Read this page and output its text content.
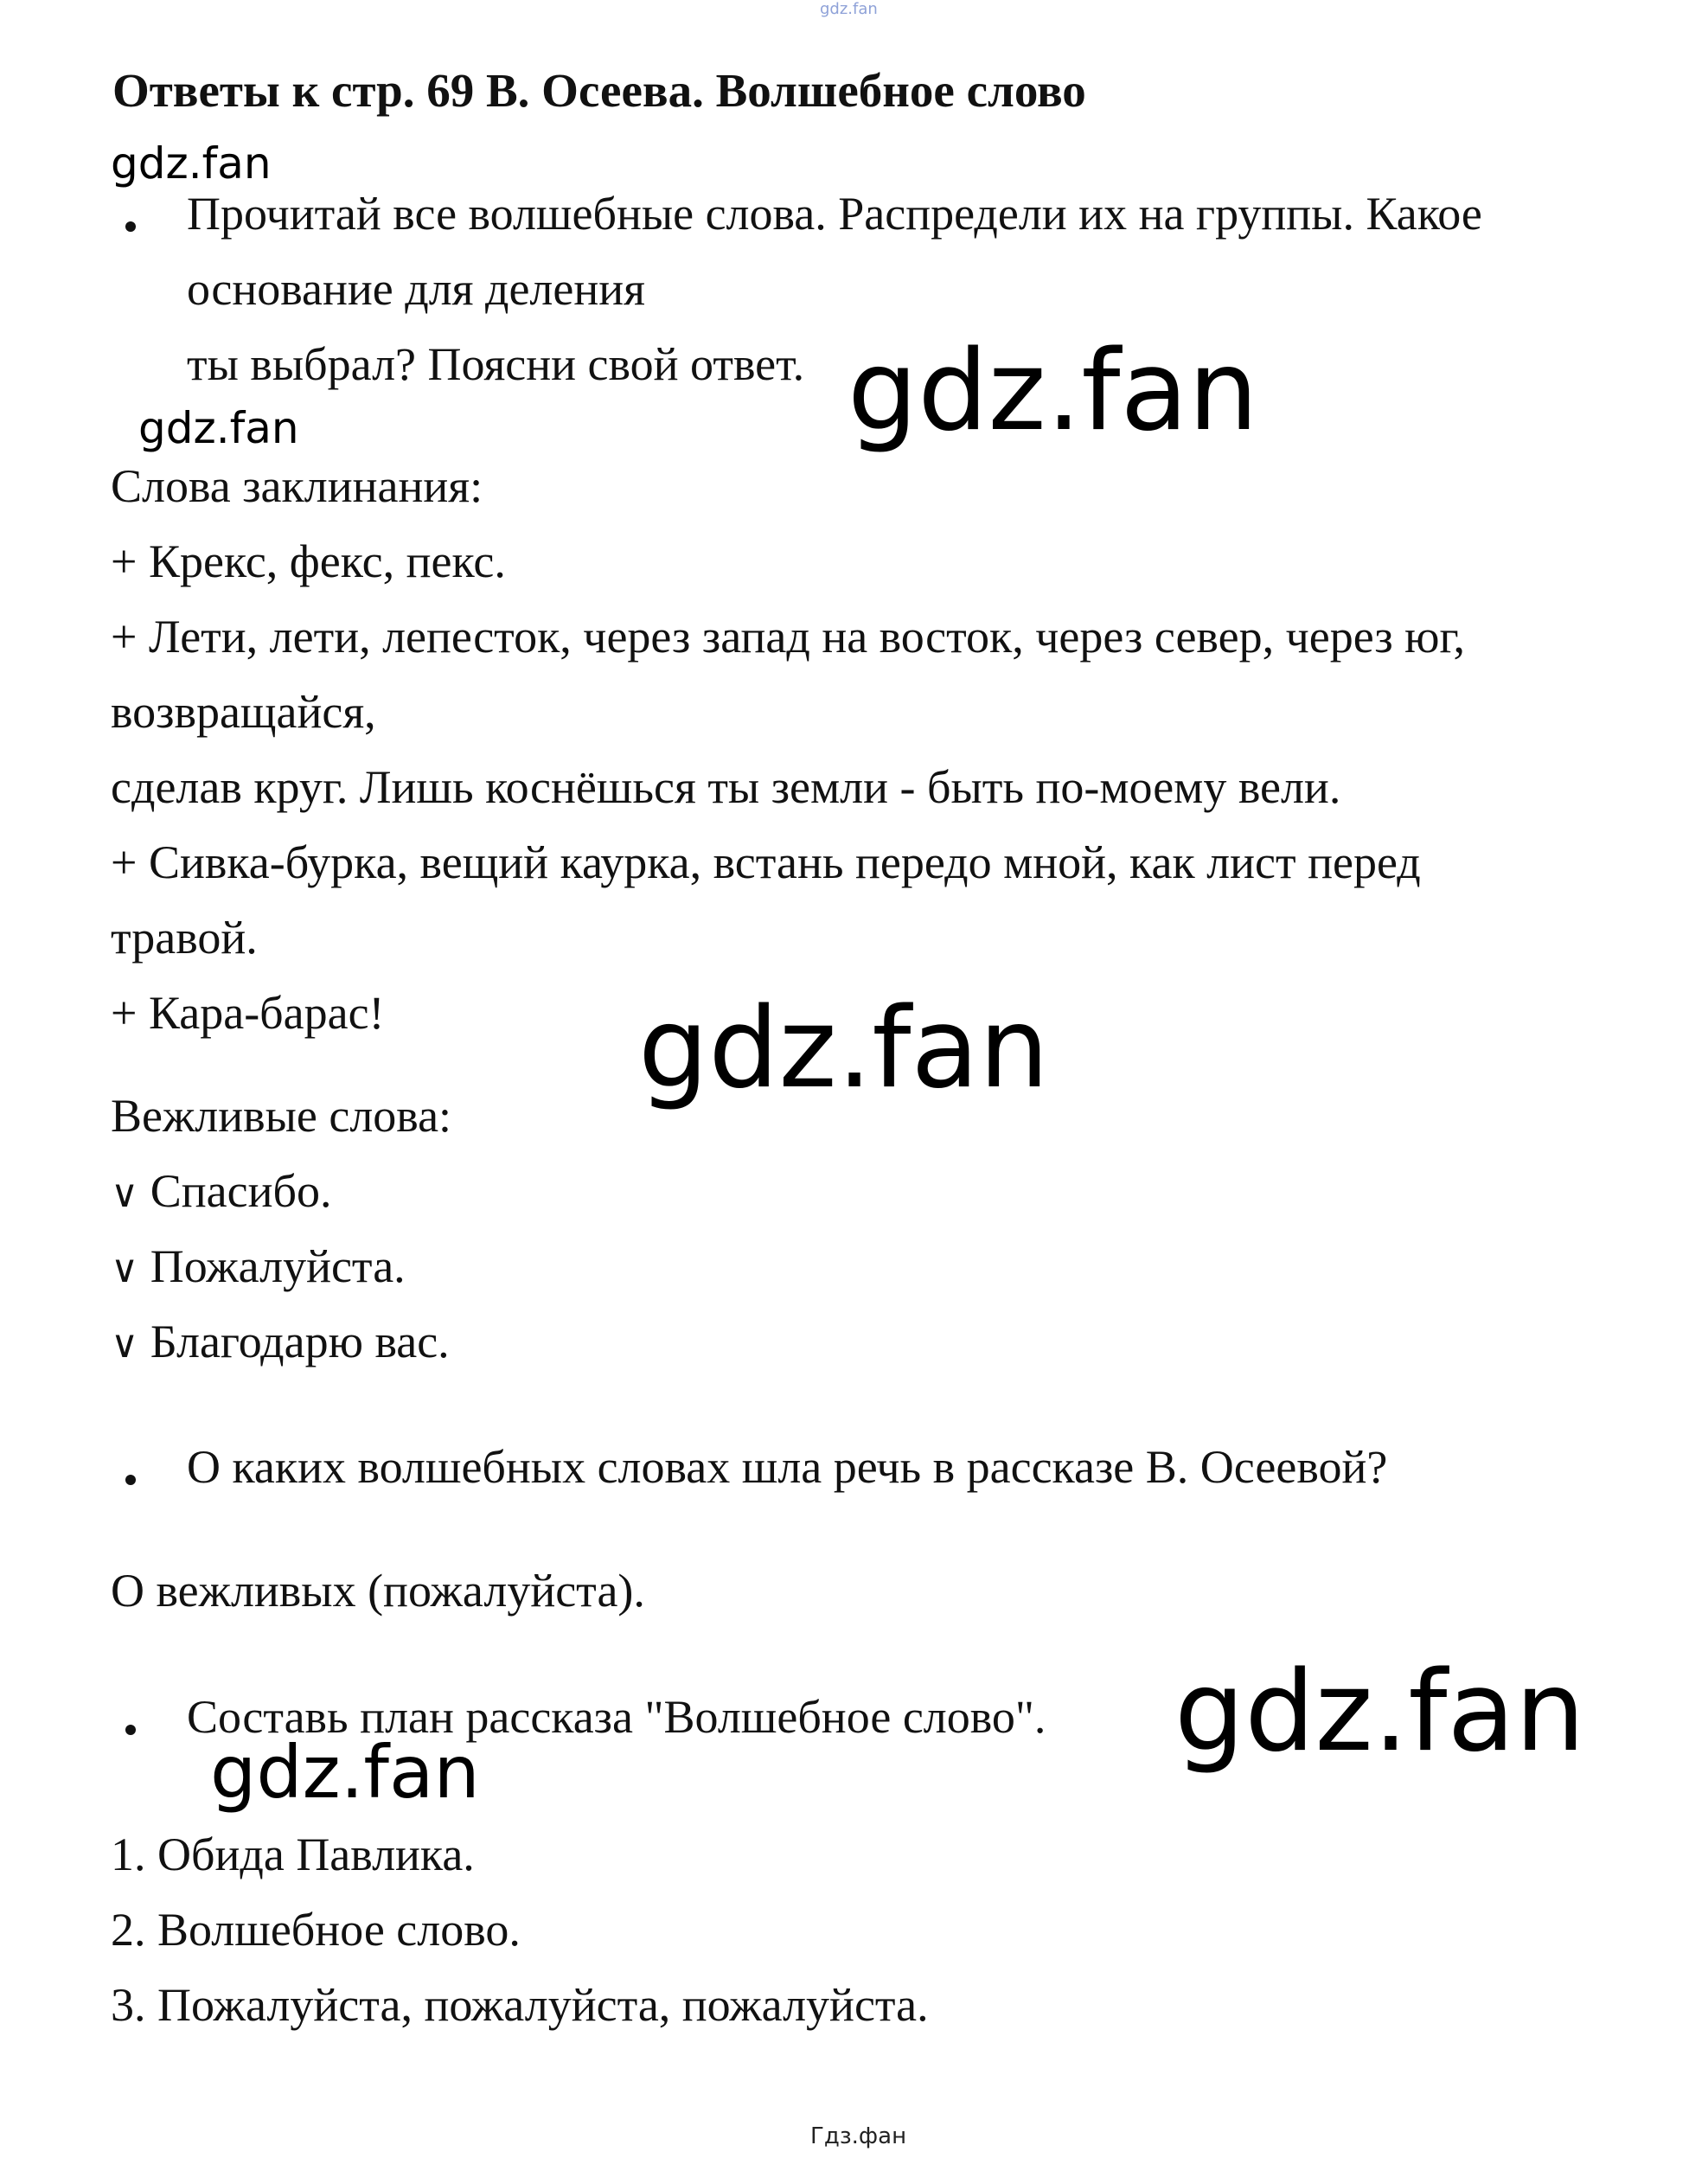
gdz.fan
Ответы к стр. 69 В. Осеева. Волшебное слово
gdz.fan
Прочитай все волшебные слова. Распредели их на группы. Какое
основание для деления
ты выбрал? Поясни свой ответ. gdz.fan
gdz.fan
Слова заклинания:
+ Крекс, фекс, пекс.
+ Лети, лети, лепесток, через запад на восток, через север, через юг,
возвращайся,
сделав круг. Лишь коснёшься ты земли - быть по-моему вели.
+ Сивка-бурка, вещий каурка, встань передо мной, как лист перед
травой.
+ Кара-барас! gdz.fan
Вежливые слова:
∨ Спасибо.
∨ Пожалуйста.
∨ Благодарю вас.
О каких волшебных словах шла речь в рассказе В. Осеевой?
О вежливых (пожалуйста).
Составь план рассказа "Волшебное слово". gdz.fan
gdz.fan
1. Обида Павлика.
2. Волшебное слово.
3. Пожалуйста, пожалуйста, пожалуйста.
Гдз.фан
